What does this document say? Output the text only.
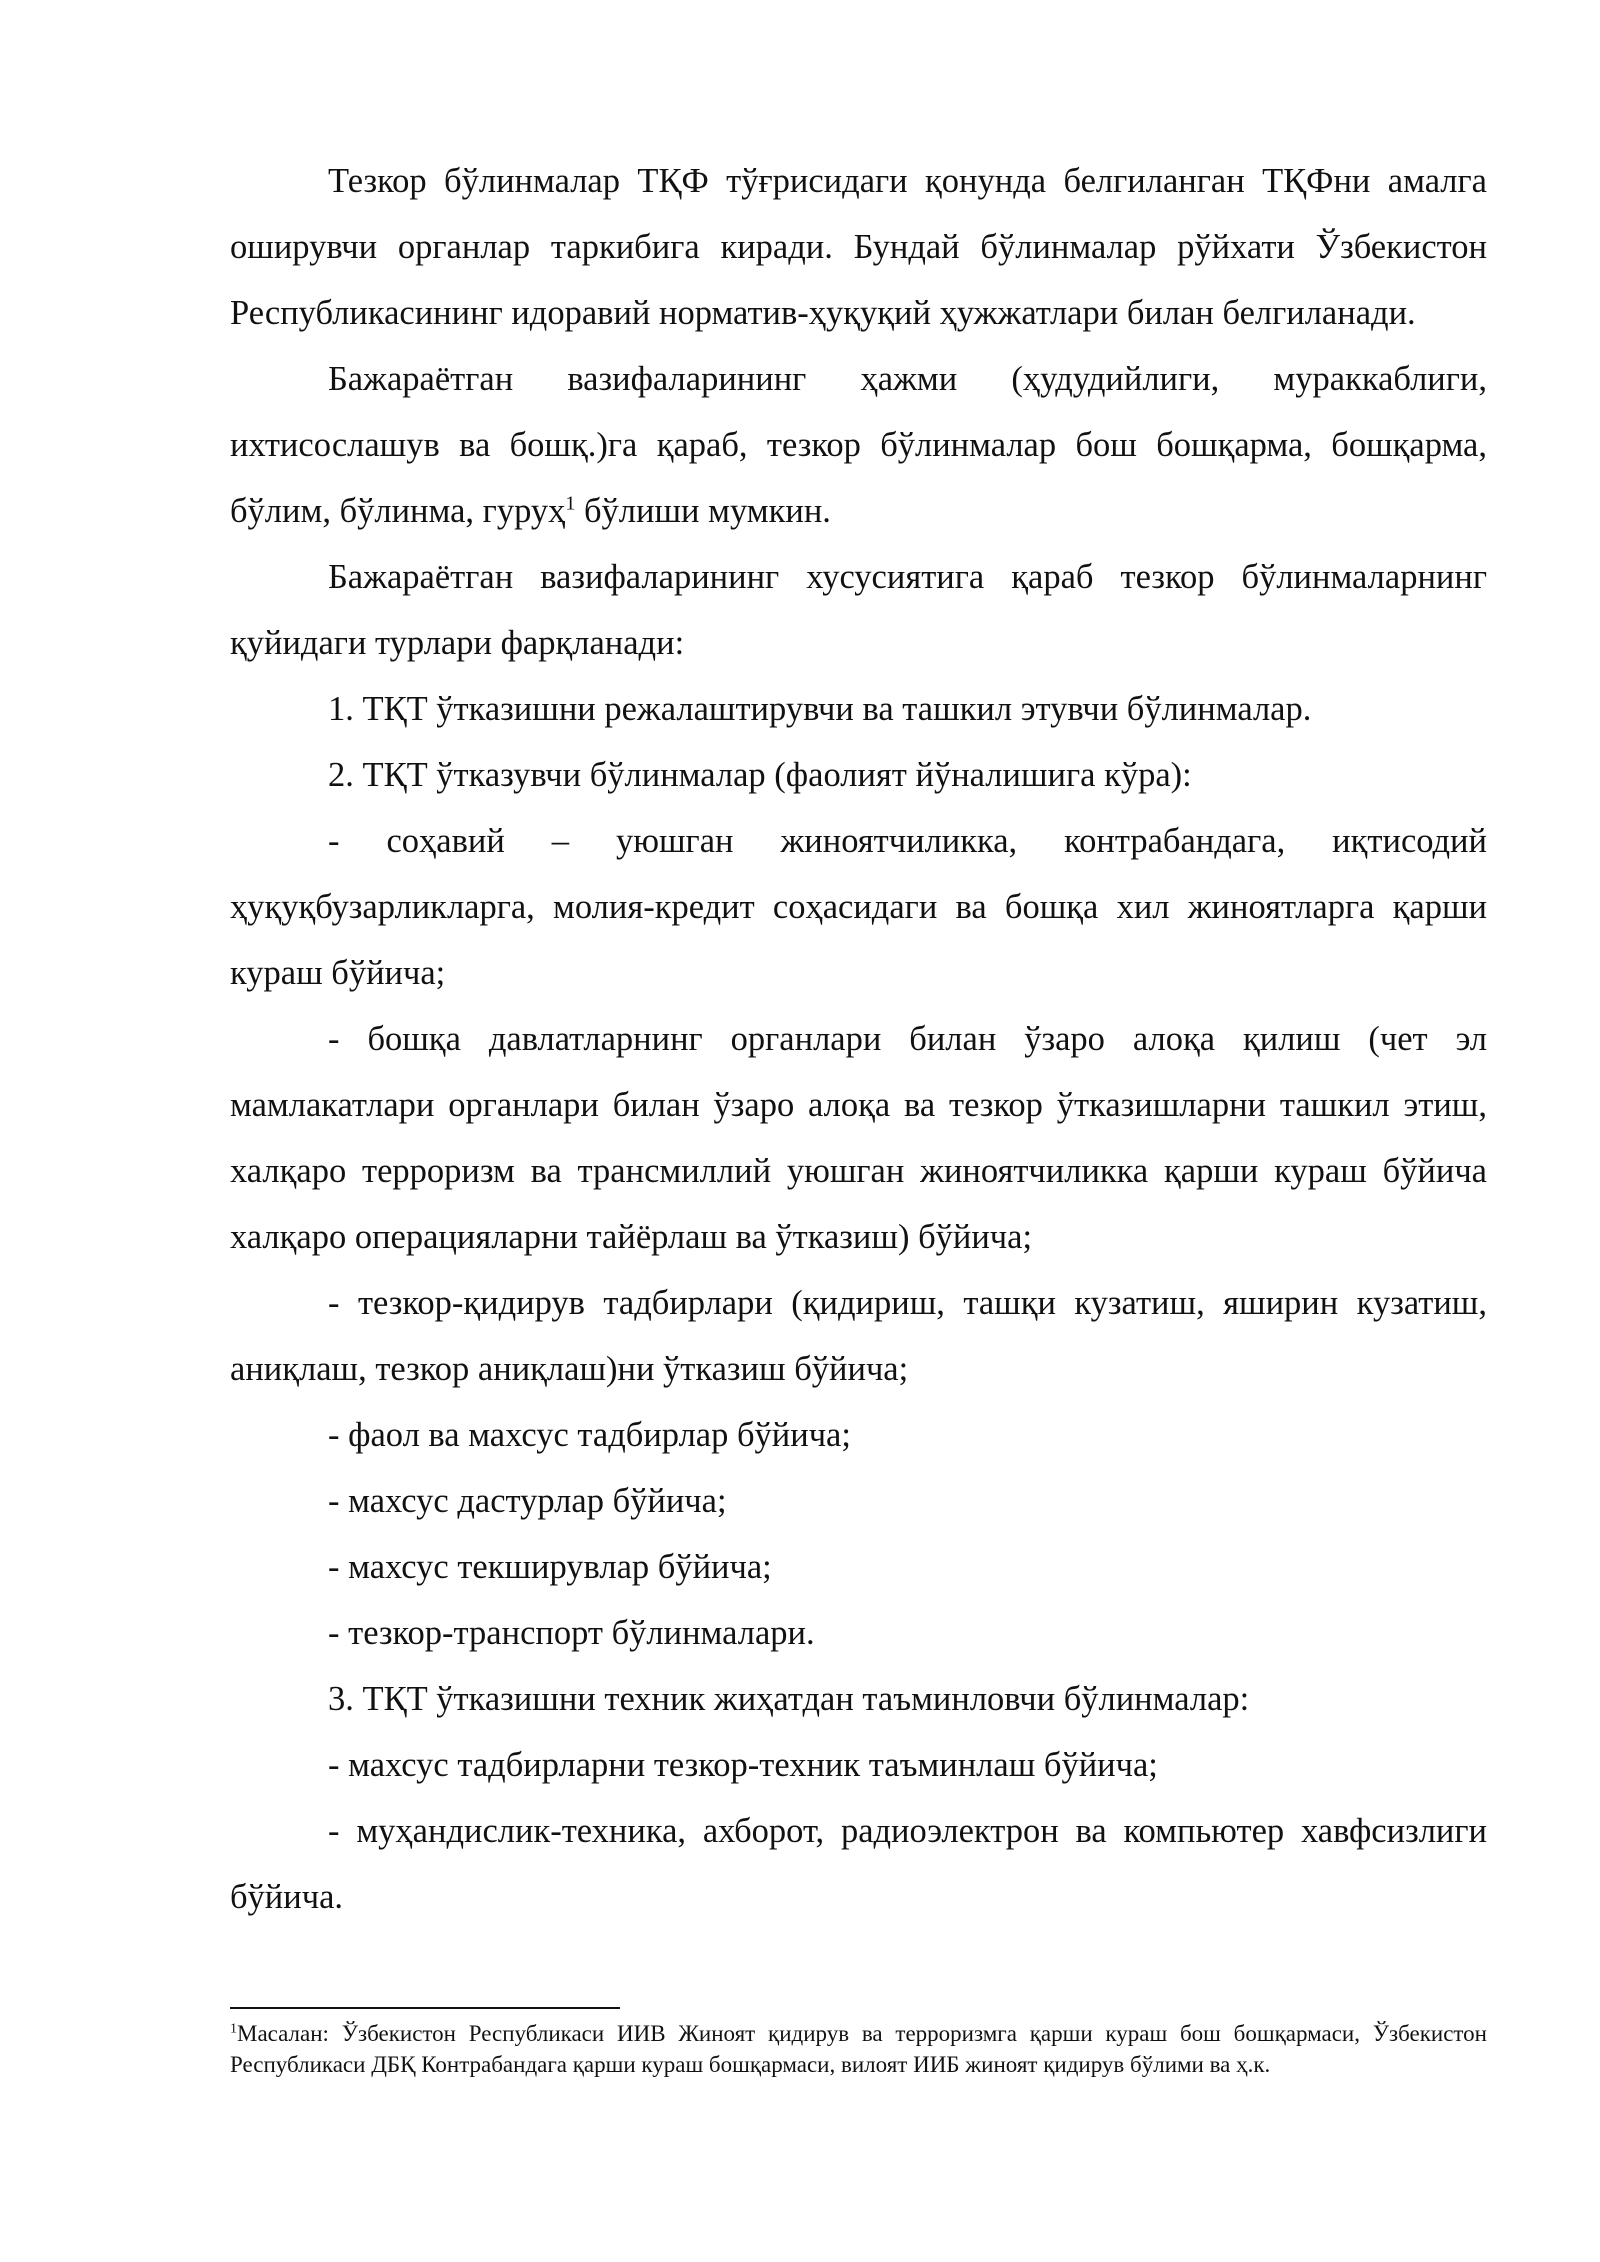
Тезкор бўлинмалар ТҚФ тўғрисидаги қонунда белгиланган ТҚФни амалга оширувчи органлар таркибига киради. Бундай бўлинмалар рўйхати Ўзбекистон Республикасининг идоравий норматив-ҳуқуқий ҳужжатлари билан белгиланади.

Бажараётган вазифаларининг ҳажми (ҳудудийлиги, мураккаблиги, ихтисослашув ва бошқ.)га қараб, тезкор бўлинмалар бош бошқарма, бошқарма, бўлим, бўлинма, гуруҳ$^1$ бўлиши мумкин.

Бажараётган вазифаларининг хусусиятига қараб тезкор бўлинмаларнинг қуйидаги турлари фарқланади:

1. ТҚТ ўтказишни режалаштирувчи ва ташкил этувчи бўлинмалар.

2. ТҚТ ўтказувчи бўлинмалар (фаолият йўналишига кўра):

- соҳавий – уюшган жиноятчиликка, контрабандага, иқтисодий ҳуқуқбузарликларга, молия-кредит соҳасидаги ва бошқа хил жиноятларга қарши кураш бўйича;

- бошқа давлатларнинг органлари билан ўзаро алоқа қилиш (чет эл мамлакатлари органлари билан ўзаро алоқа ва тезкор ўтказишларни ташкил этиш, халқаро терроризм ва трансмиллий уюшган жиноятчиликка қарши кураш бўйича халқаро операцияларни тайёрлаш ва ўтказиш) бўйича;

- тезкор-қидирув тадбирлари (қидириш, ташқи кузатиш, яширин кузатиш, аниқлаш, тезкор аниқлаш)ни ўтказиш бўйича;

- фаол ва махсус тадбирлар бўйича;

- махсус дастурлар бўйича;

- махсус текширувлар бўйича;

- тезкор-транспорт бўлинмалари.

3. ТҚТ ўтказишни техник жиҳатдан таъминловчи бўлинмалар:

- махсус тадбирларни тезкор-техник таъминлаш бўйича;

- муҳандислик-техника, ахборот, радиоэлектрон ва компьютер хавфсизлиги бўйича.

$^1$Масалан: Ўзбекистон Республикаси ИИВ Жиноят қидирув ва терроризмга қарши кураш бош бошқармаси, Ўзбекистон Республикаси ДБҚ Контрабандага қарши кураш бошқармаси, вилоят ИИБ жиноят қидирув бўлими ва ҳ.к.
